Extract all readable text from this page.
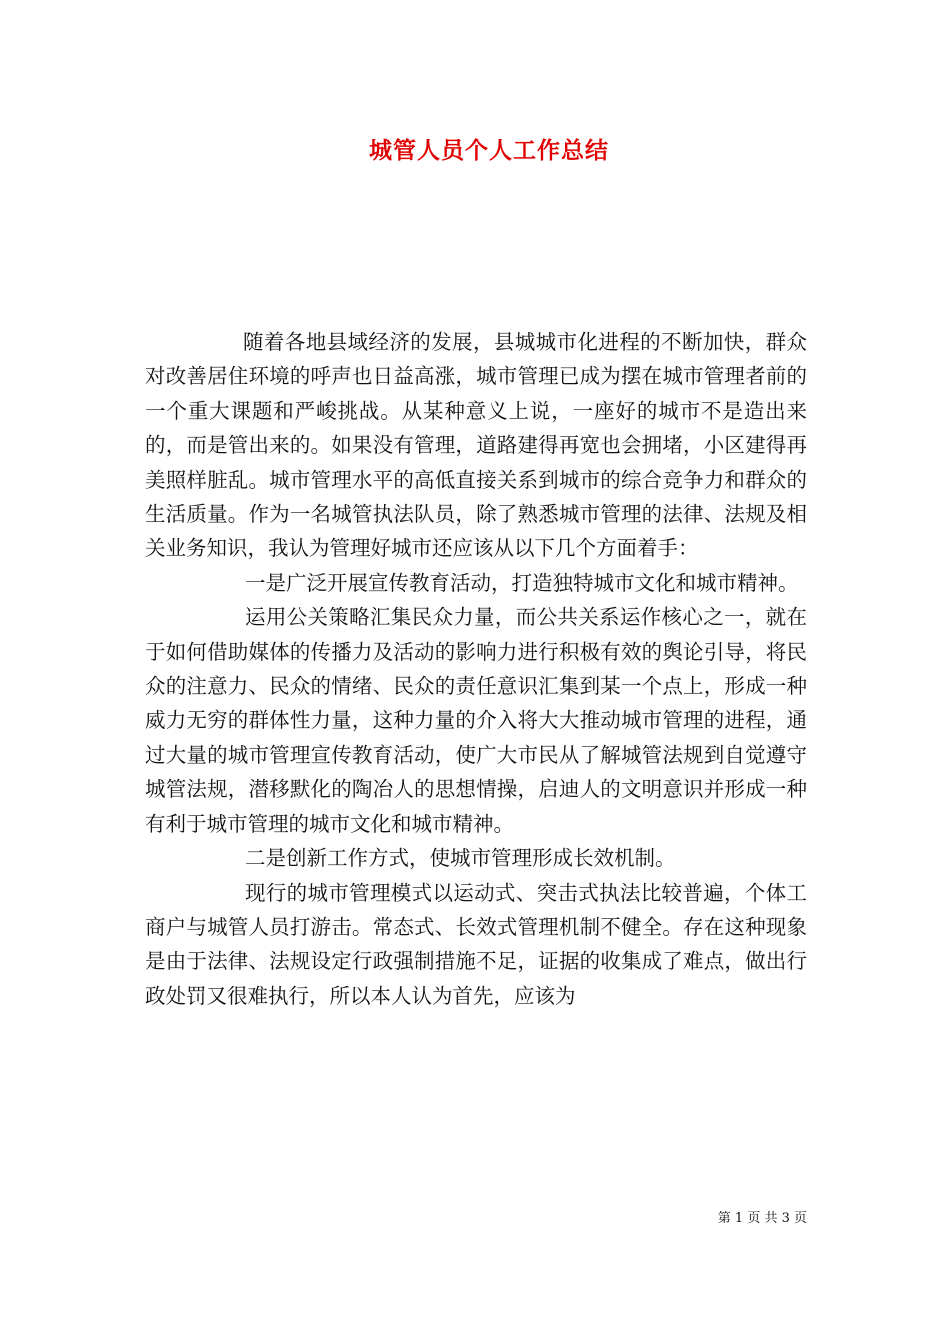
城管人员个人工作总结

随着各地县域经济的发展，县城城市化进程的不断加快，群众对改善居住环境的呼声也日益高涨，城市管理已成为摆在城市管理者前的一个重大课题和严峻挑战。从某种意义上说，一座好的城市不是造出来的，而是管出来的。如果没有管理，道路建得再宽也会拥堵，小区建得再美照样脏乱。城市管理水平的高低直接关系到城市的综合竞争力和群众的生活质量。作为一名城管执法队员，除了熟悉城市管理的法律、法规及相关业务知识，我认为管理好城市还应该从以下几个方面着手：

一是广泛开展宣传教育活动，打造独特城市文化和城市精神。

运用公关策略汇集民众力量，而公共关系运作核心之一，就在于如何借助媒体的传播力及活动的影响力进行积极有效的舆论引导，将民众的注意力、民众的情绪、民众的责任意识汇集到某一个点上，形成一种威力无穷的群体性力量，这种力量的介入将大大推动城市管理的进程，通过大量的城市管理宣传教育活动，使广大市民从了解城管法规到自觉遵守城管法规，潜移默化的陶冶人的思想情操，启迪人的文明意识并形成一种有利于城市管理的城市文化和城市精神。

二是创新工作方式，使城市管理形成长效机制。

现行的城市管理模式以运动式、突击式执法比较普遍，个体工商户与城管人员打游击。常态式、长效式管理机制不健全。存在这种现象是由于法律、法规设定行政强制措施不足，证据的收集成了难点，做出行政处罚又很难执行，所以本人认为首先，应该为

第 1 页 共 3 页
